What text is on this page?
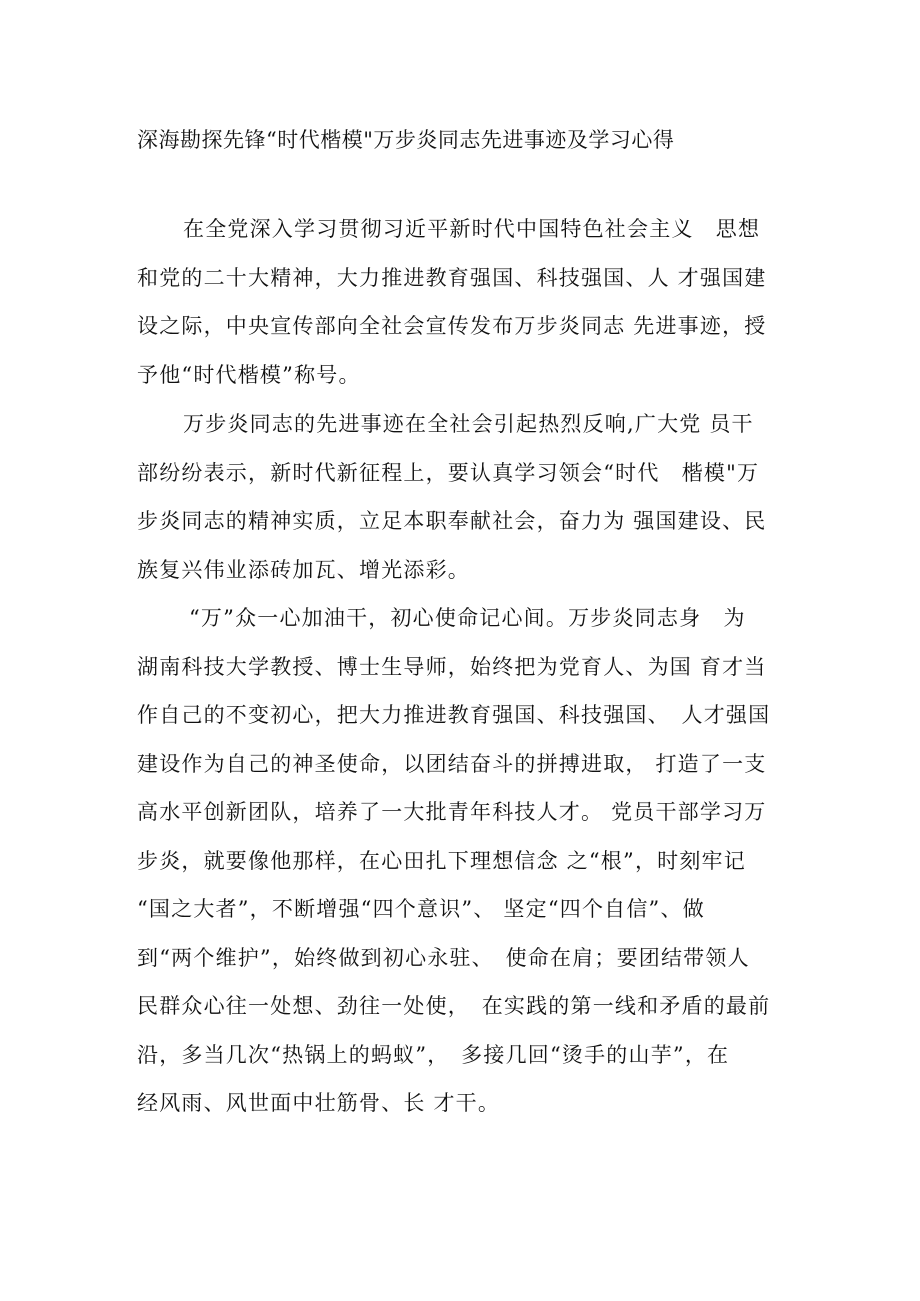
深海勘探先锋“时代楷模"万步炎同志先进事迹及学习心得
在全党深入学习贯彻习近平新时代中国特色社会主义　思想
和党的二十大精神，大力推进教育强国、科技强国、人 才强国建
设之际，中央宣传部向全社会宣传发布万步炎同志 先进事迹，授
予他“时代楷模”称号。
万步炎同志的先进事迹在全社会引起热烈反响,广大党 员干
部纷纷表示，新时代新征程上，要认真学习领会“时代　楷模"万
步炎同志的精神实质，立足本职奉献社会，奋力为 强国建设、民
族复兴伟业添砖加瓦、增光添彩。
“万”众一心加油干，初心使命记心间。万步炎同志身　为
湖南科技大学教授、博士生导师，始终把为党育人、为国 育才当
作自己的不变初心，把大力推进教育强国、科技强国、　人才强国
建设作为自己的神圣使命，以团结奋斗的拼搏进取， 打造了一支
高水平创新团队，培养了一大批青年科技人才。 党员干部学习万
步炎，就要像他那样，在心田扎下理想信念 之“根”，时刻牢记
“国之大者”，不断增强“四个意识”、 坚定“四个自信”、做
到“两个维护”，始终做到初心永驻、　使命在肩；要团结带领人
民群众心往一处想、劲往一处使，　在实践的第一线和矛盾的最前
沿，多当几次“热锅上的蚂蚁”，　多接几回“烫手的山芋”，在
经风雨、风世面中壮筋骨、长 才干。
